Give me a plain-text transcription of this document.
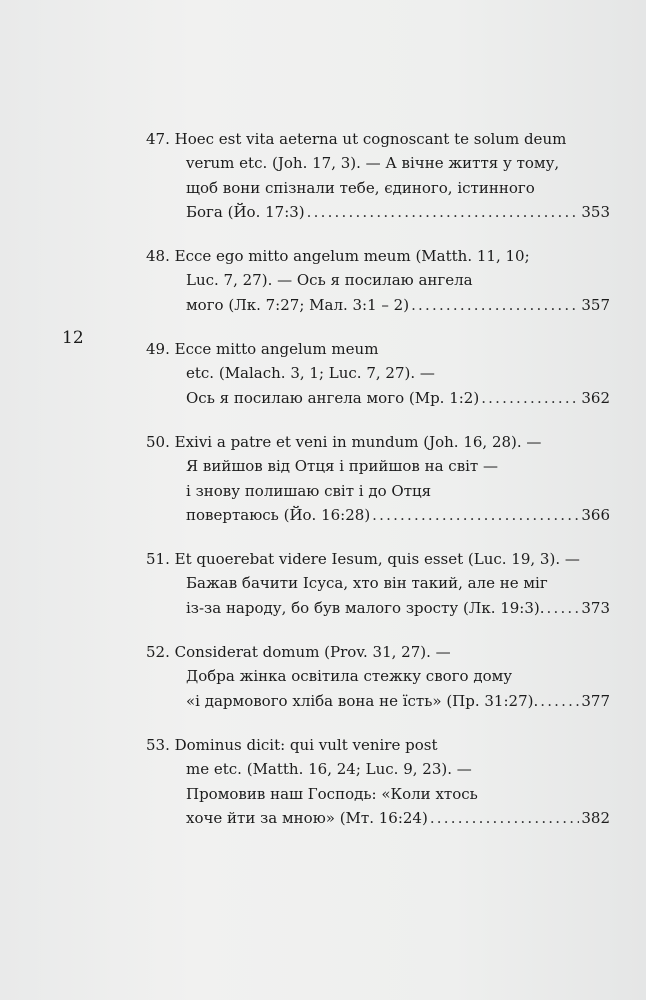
12
47. Hoec est vita aeterna ut cognoscant te solum deum
verum etc. (Joh. 17, 3). — А вічне життя у тому,
щоб вони спізнали тебе, єдиного, істинного
Бога (Йо. 17:3) .....	353
48. Ecce ego mitto angelum meum (Matth. 11, 10;
Luc. 7, 27). — Ось я посилаю ангела
мого (Лк. 7:27; Мал. 3:1 – 2) .....	357
49. Ecce mitto angelum meum
etc. (Malach. 3, 1; Luc. 7, 27). —
Ось я посилаю ангела мого (Мр. 1:2) .....	362
50. Exivi a patre et veni in mundum (Joh. 16, 28). —
Я вийшов від Отця і прийшов на світ —
і знову полишаю світ і до Отця
повертаюсь (Йо. 16:28) .....	366
51. Et quoerebat videre Iesum, quis esset (Luc. 19, 3). —
Бажав бачити Ісуса, хто він такий, але не міг
із-за народу, бо був малого зросту (Лк. 19:3). ..... 373
52. Considerat domum (Prov. 31, 27). —
Добра жінка освітила стежку свого дому
«і дармового хліба вона не їсть» (Пр. 31:27). .....	377
53. Dominus dicit: qui vult venire post
me etc. (Matth. 16, 24; Luc. 9, 23). —
Промовив наш Господь: «Коли хтось
хоче йти за мною» (Мт. 16:24) .....	382
